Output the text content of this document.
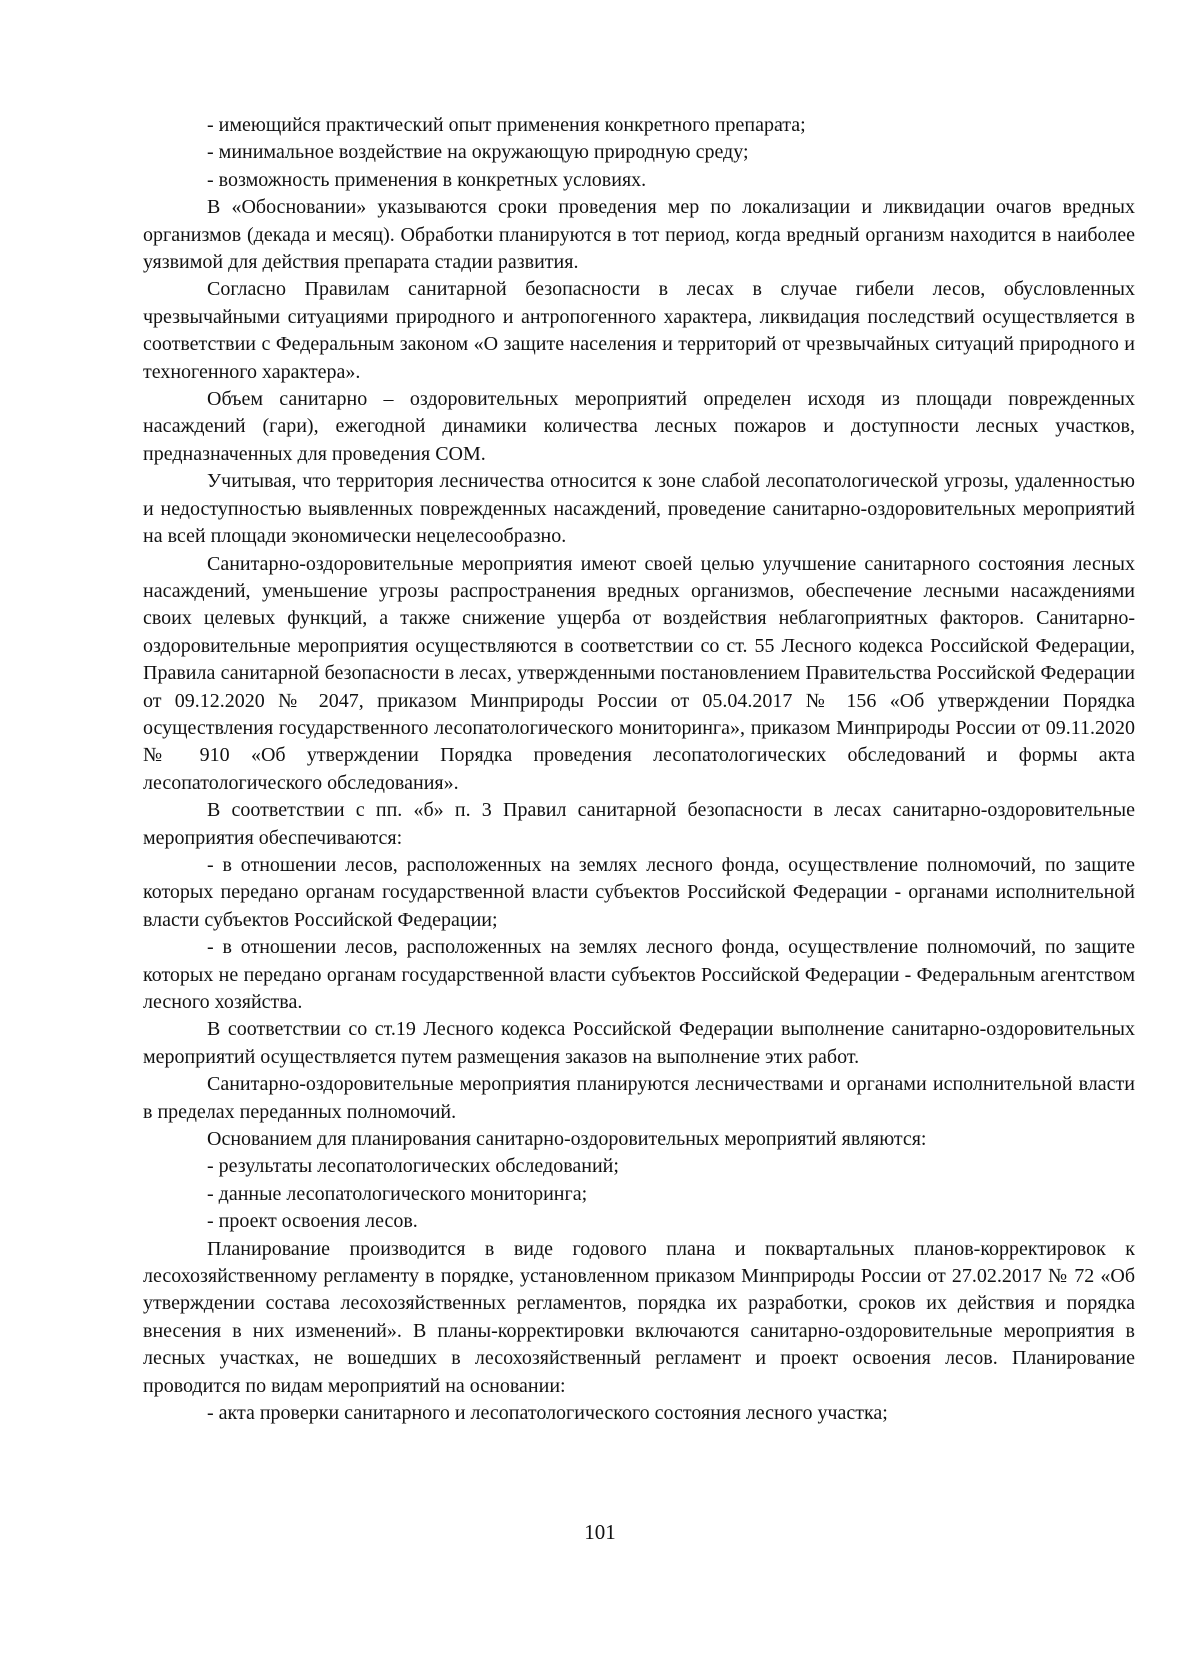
- имеющийся практический опыт применения конкретного препарата;

- минимальное воздействие на окружающую природную среду;

- возможность применения в конкретных условиях.

В «Обосновании» указываются сроки проведения мер по локализации и ликвидации очагов вредных организмов (декада и месяц). Обработки планируются в тот период, когда вредный организм находится в наиболее уязвимой для действия препарата стадии развития.

Согласно Правилам санитарной безопасности в лесах в случае гибели лесов, обусловленных чрезвычайными ситуациями природного и антропогенного характера, ликвидация последствий осуществляется в соответствии с Федеральным законом «О защите населения и территорий от чрезвычайных ситуаций природного и техногенного характера».

Объем санитарно – оздоровительных мероприятий определен исходя из площади поврежденных насаждений (гари), ежегодной динамики количества лесных пожаров и доступности лесных участков, предназначенных для проведения СОМ.

Учитывая, что территория лесничества относится к зоне слабой лесопатологической угрозы, удаленностью и недоступностью выявленных поврежденных насаждений, проведение санитарно-оздоровительных мероприятий на всей площади экономически нецелесообразно.

Санитарно-оздоровительные мероприятия имеют своей целью улучшение санитарного состояния лесных насаждений, уменьшение угрозы распространения вредных организмов, обеспечение лесными насаждениями своих целевых функций, а также снижение ущерба от воздействия неблагоприятных факторов. Санитарно-оздоровительные мероприятия осуществляются в соответствии со ст. 55 Лесного кодекса Российской Федерации, Правила санитарной безопасности в лесах, утвержденными постановлением Правительства Российской Федерации от 09.12.2020 № 2047, приказом Минприроды России от 05.04.2017 № 156 «Об утверждении Порядка осуществления государственного лесопатологического мониторинга», приказом Минприроды России от 09.11.2020 № 910 «Об утверждении Порядка проведения лесопатологических обследований и формы акта лесопатологического обследования».

В соответствии с пп. «б» п. 3 Правил санитарной безопасности в лесах санитарно-оздоровительные мероприятия обеспечиваются:

- в отношении лесов, расположенных на землях лесного фонда, осуществление полномочий, по защите которых передано органам государственной власти субъектов Российской Федерации - органами исполнительной власти субъектов Российской Федерации;

- в отношении лесов, расположенных на землях лесного фонда, осуществление полномочий, по защите которых не передано органам государственной власти субъектов Российской Федерации - Федеральным агентством лесного хозяйства.

В соответствии со ст.19 Лесного кодекса Российской Федерации выполнение санитарно-оздоровительных мероприятий осуществляется путем размещения заказов на выполнение этих работ.

Санитарно-оздоровительные мероприятия планируются лесничествами и органами исполнительной власти в пределах переданных полномочий.

Основанием для планирования санитарно-оздоровительных мероприятий являются:

- результаты лесопатологических обследований;

- данные лесопатологического мониторинга;

- проект освоения лесов.

Планирование производится в виде годового плана и поквартальных планов-корректировок к лесохозяйственному регламенту в порядке, установленном приказом Минприроды России от 27.02.2017 № 72 «Об утверждении состава лесохозяйственных регламентов, порядка их разработки, сроков их действия и порядка внесения в них изменений». В планы-корректировки включаются санитарно-оздоровительные мероприятия в лесных участках, не вошедших в лесохозяйственный регламент и проект освоения лесов. Планирование проводится по видам мероприятий на основании:

- акта проверки санитарного и лесопатологического состояния лесного участка;

101
